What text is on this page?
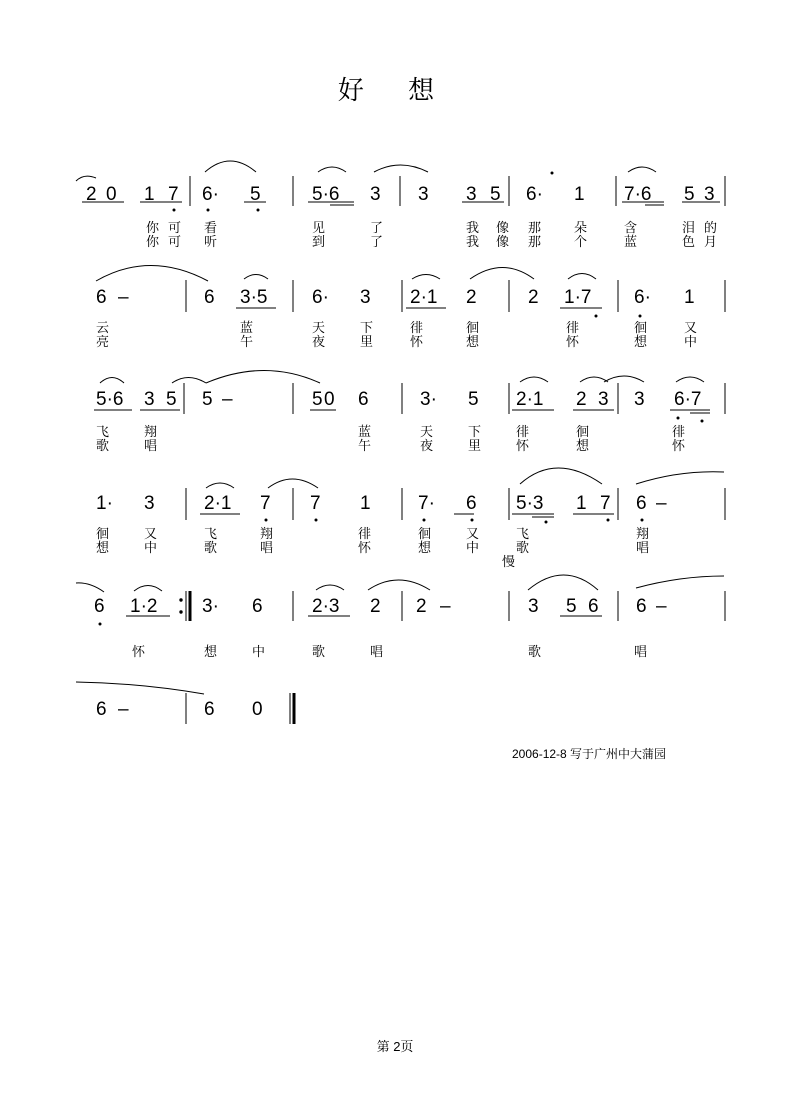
好 想
2 0 1 7 6· 5	5·6 3 3 3 5 6· 1 7·6 5 3
6 –	6 3·5 6· 3 2·1 2	2 1·7 6· 1
5·6 3 5 5 –	5 0 6	3· 5 2·1 2 3 3 6·7
1· 3	2·1 7 7 1 7· 6 5·3 1 7 6 –
6 1·2 3· 6	2·3 2 2 –	3 5 6 6 –
6 –	6 0
你 可 看	见	了	我 像 那	朵	含	泪 的
你 可 听	到	了	我 像 那	个	蓝	色 月
云	蓝	天	下	徘	徊	徘	徊	又
亮	午	夜	里	怀	想	怀	想	中
飞	翔	蓝	天	下	徘	徊	徘
歌	唱	午	夜	里	怀	想	怀
徊	又	飞	翔	徘	徊	又	飞	翔
想	中	歌	唱	怀	想	中	歌	唱
慢
怀	想	中	歌	唱	歌	唱
2006-12-8 写于广州中大蒲园
第 2页
